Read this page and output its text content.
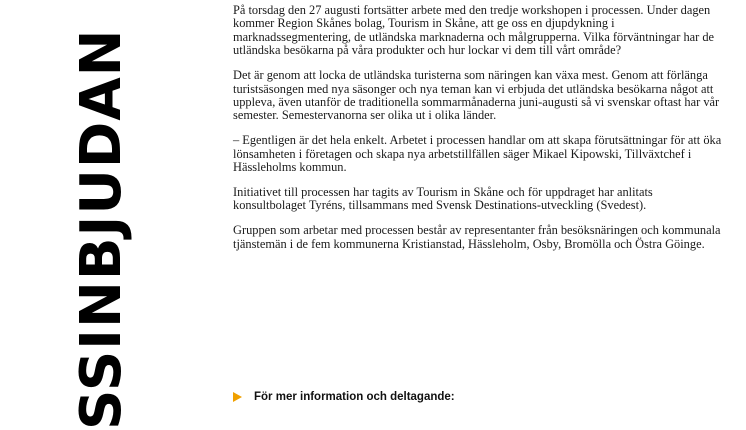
SSINBJUDAN

På torsdag den 27 augusti fortsätter arbete med den tredje workshopen i processen. Under dagen kommer Region Skånes bolag, Tourism in Skåne, att ge oss en djupdykning i marknadssegmentering, de utländska marknaderna och målgrupperna. Vilka förväntningar har de utländska besökarna på våra produkter och hur lockar vi dem till vårt område?

Det är genom att locka de utländska turisterna som näringen kan växa mest. Genom att förlänga turistsäsongen med nya säsonger och nya teman kan vi erbjuda det utländska besökarna något att uppleva, även utanför de traditionella sommarmånaderna juni-augusti så vi svenskar oftast har vår semester. Semestervanorna ser olika ut i olika länder.

– Egentligen är det hela enkelt. Arbetet i processen handlar om att skapa förutsättningar för att öka lönsamheten i företagen och skapa nya arbetstillfällen säger Mikael Kipowski, Tillväxtchef i Hässleholms kommun.

Initiativet till processen har tagits av Tourism in Skåne och för uppdraget har anlitats konsultbolaget Tyréns, tillsammans med Svensk Destinations-utveckling (Svedest).

Gruppen som arbetar med processen består av representanter från besöksnäringen och kommunala tjänstemän i de fem kommunerna Kristianstad, Hässleholm, Osby, Bromölla och Östra Göinge.

För mer information och deltagande:
